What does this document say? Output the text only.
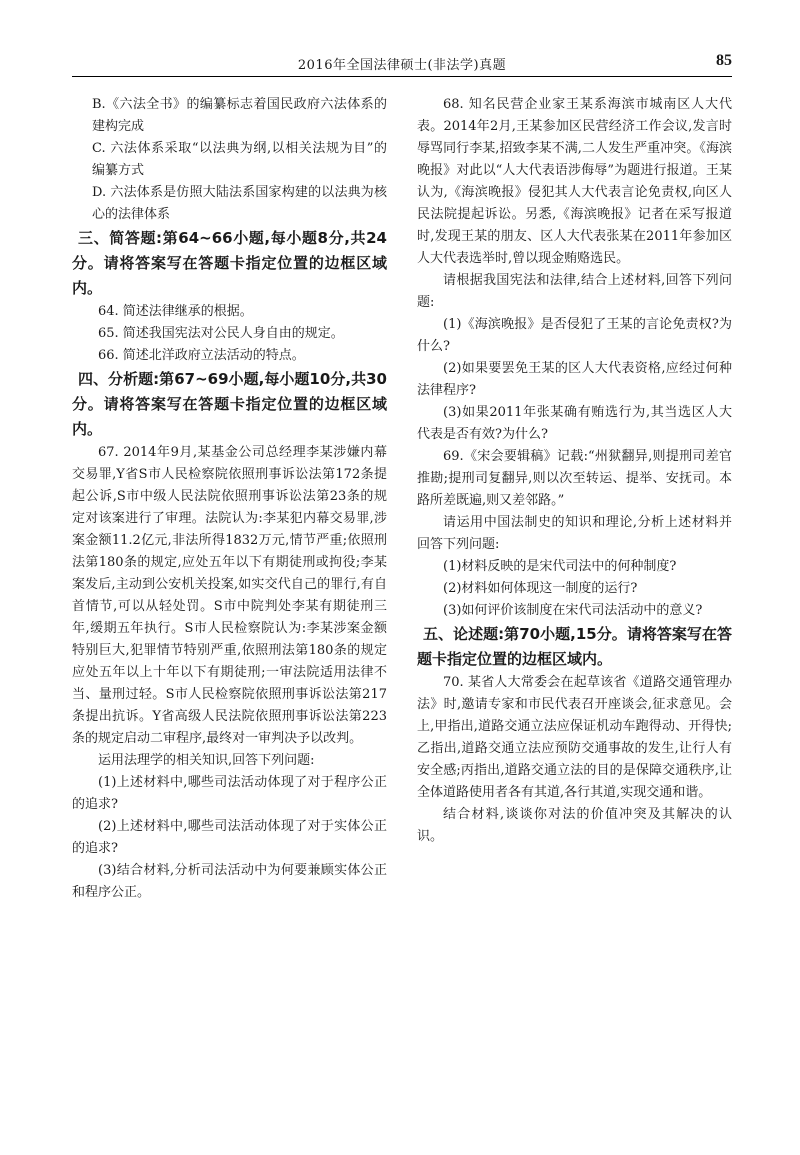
2016年全国法律硕士(非法学)真题	85

B.《六法全书》的编纂标志着国民政府六法体系的建构完成

C. 六法体系采取“以法典为纲,以相关法规为目”的编纂方式

D. 六法体系是仿照大陆法系国家构建的以法典为核心的法律体系

三、简答题:第64~66小题,每小题8分,共24分。请将答案写在答题卡指定位置的边框区域内。

64. 简述法律继承的根据。

65. 简述我国宪法对公民人身自由的规定。

66. 简述北洋政府立法活动的特点。

四、分析题:第67~69小题,每小题10分,共30分。请将答案写在答题卡指定位置的边框区域内。

67. 2014年9月,某基金公司总经理李某涉嫌内幕交易罪,Y省S市人民检察院依照刑事诉讼法第172条提起公诉,S市中级人民法院依照刑事诉讼法第23条的规定对该案进行了审理。法院认为:李某犯内幕交易罪,涉案金额11.2亿元,非法所得1832万元,情节严重;依照刑法第180条的规定,应处五年以下有期徒刑或拘役;李某案发后,主动到公安机关投案,如实交代自己的罪行,有自首情节,可以从轻处罚。S市中院判处李某有期徒刑三年,缓期五年执行。S市人民检察院认为:李某涉案金额特别巨大,犯罪情节特别严重,依照刑法第180条的规定应处五年以上十年以下有期徒刑;一审法院适用法律不当、量刑过轻。S市人民检察院依照刑事诉讼法第217条提出抗诉。Y省高级人民法院依照刑事诉讼法第223条的规定启动二审程序,最终对一审判决予以改判。

运用法理学的相关知识,回答下列问题:

(1)上述材料中,哪些司法活动体现了对于程序公正的追求?

(2)上述材料中,哪些司法活动体现了对于实体公正的追求?

(3)结合材料,分析司法活动中为何要兼顾实体公正和程序公正。

68. 知名民营企业家王某系海滨市城南区人大代表。2014年2月,王某参加区民营经济工作会议,发言时辱骂同行李某,招致李某不满,二人发生严重冲突。《海滨晚报》对此以“人大代表语涉侮辱”为题进行报道。王某认为,《海滨晚报》侵犯其人大代表言论免责权,向区人民法院提起诉讼。另悉,《海滨晚报》记者在采写报道时,发现王某的朋友、区人大代表张某在2011年参加区人大代表选举时,曾以现金贿赂选民。

请根据我国宪法和法律,结合上述材料,回答下列问题:

(1)《海滨晚报》是否侵犯了王某的言论免责权?为什么?

(2)如果要罢免王某的区人大代表资格,应经过何种法律程序?

(3)如果2011年张某确有贿选行为,其当选区人大代表是否有效?为什么?

69.《宋会要辑稿》记载:“州狱翻异,则提刑司差官推勘;提刑司复翻异,则以次至转运、提举、安抚司。本路所差既遍,则又差邻路。”

请运用中国法制史的知识和理论,分析上述材料并回答下列问题:

(1)材料反映的是宋代司法中的何种制度?

(2)材料如何体现这一制度的运行?

(3)如何评价该制度在宋代司法活动中的意义?

五、论述题:第70小题,15分。请将答案写在答题卡指定位置的边框区域内。

70. 某省人大常委会在起草该省《道路交通管理办法》时,邀请专家和市民代表召开座谈会,征求意见。会上,甲指出,道路交通立法应保证机动车跑得动、开得快;乙指出,道路交通立法应预防交通事故的发生,让行人有安全感;丙指出,道路交通立法的目的是保障交通秩序,让全体道路使用者各有其道,各行其道,实现交通和谐。

结合材料,谈谈你对法的价值冲突及其解决的认识。
